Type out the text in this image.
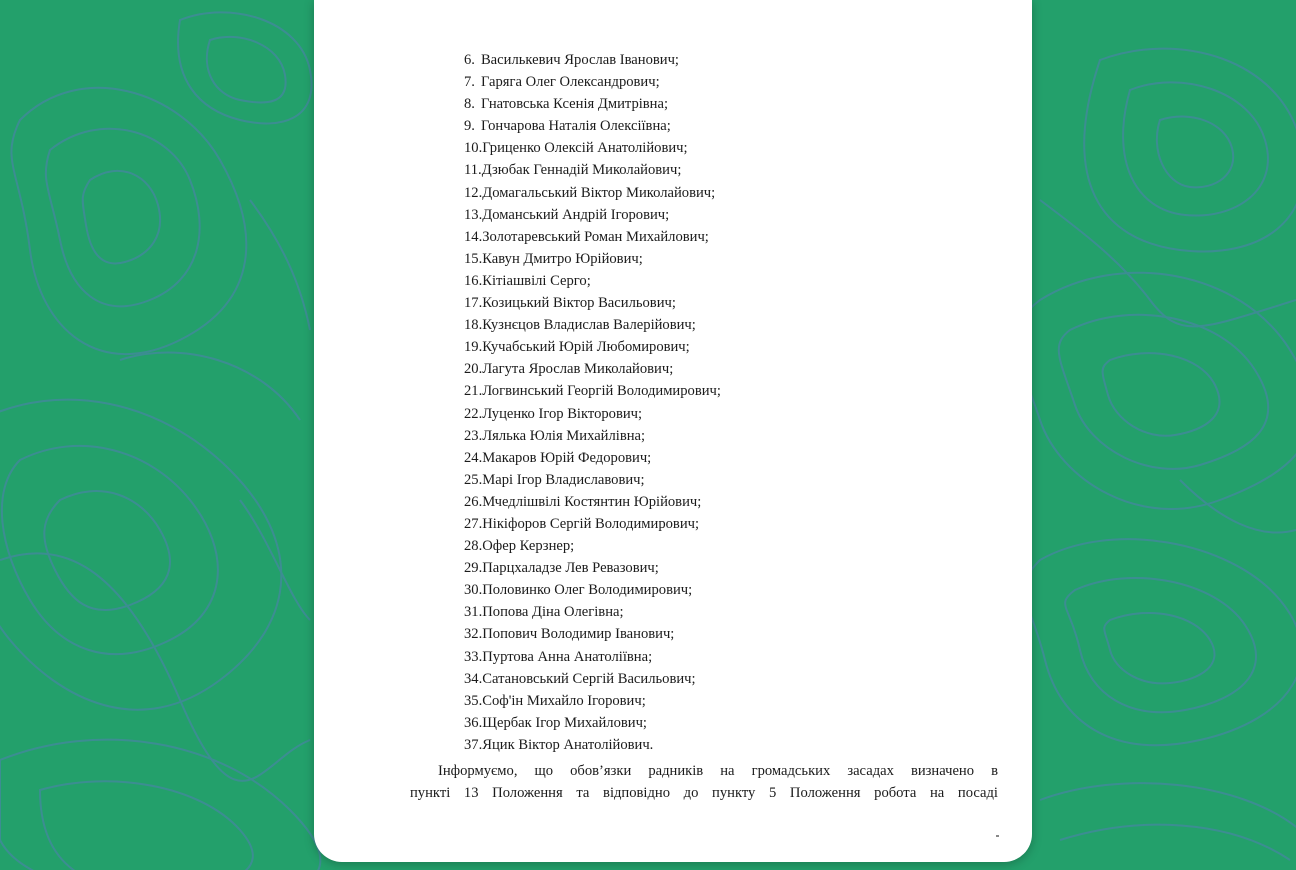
6. Василькевич Ярослав Іванович;
7. Гаряга Олег Олександрович;
8. Гнатовська Ксенія Дмитрівна;
9. Гончарова Наталія Олексіївна;
10.Гриценко Олексій Анатолійович;
11.Дзюбак Геннадій Миколайович;
12.Домагальський Віктор Миколайович;
13.Доманський Андрій Ігорович;
14.Золотаревський Роман Михайлович;
15.Кавун Дмитро Юрійович;
16.Кітіашвілі Серго;
17.Козицький Віктор Васильович;
18.Кузнєцов Владислав Валерійович;
19.Кучабський Юрій Любомирович;
20.Лагута Ярослав Миколайович;
21.Логвинський Георгій Володимирович;
22.Луценко Ігор Вікторович;
23.Лялька Юлія Михайлівна;
24.Макаров Юрій Федорович;
25.Марі Ігор Владиславович;
26.Мчедлішвілі Костянтин Юрійович;
27.Нікіфоров Сергій Володимирович;
28.Офер Керзнер;
29.Парцхаладзе Лев Ревазович;
30.Половинко Олег Володимирович;
31.Попова Діна Олегівна;
32.Попович Володимир Іванович;
33.Пуртова Анна Анатоліївна;
34.Сатановський Сергій Васильович;
35.Соф'ін Михайло Ігорович;
36.Щербак Ігор Михайлович;
37.Яцик Віктор Анатолійович.
Інформуємо, що обов’язки радників на громадських засадах визначено в
пункті 13 Положення та відповідно до пункту 5 Положення робота на посаді
